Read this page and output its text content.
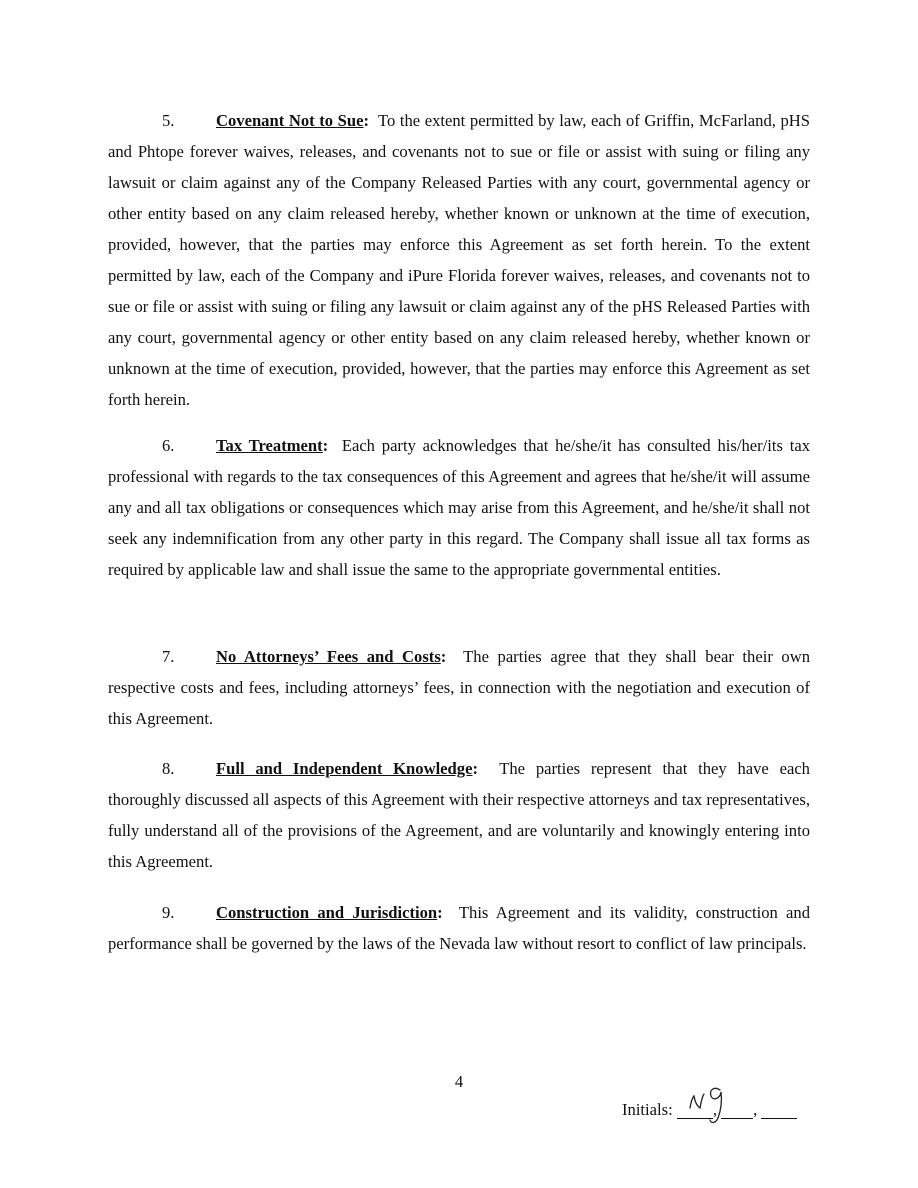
5.	Covenant Not to Sue: To the extent permitted by law, each of Griffin, McFarland, pHS and Phtope forever waives, releases, and covenants not to sue or file or assist with suing or filing any lawsuit or claim against any of the Company Released Parties with any court, governmental agency or other entity based on any claim released hereby, whether known or unknown at the time of execution, provided, however, that the parties may enforce this Agreement as set forth herein. To the extent permitted by law, each of the Company and iPure Florida forever waives, releases, and covenants not to sue or file or assist with suing or filing any lawsuit or claim against any of the pHS Released Parties with any court, governmental agency or other entity based on any claim released hereby, whether known or unknown at the time of execution, provided, however, that the parties may enforce this Agreement as set forth herein.

6.	Tax Treatment: Each party acknowledges that he/she/it has consulted his/her/its tax professional with regards to the tax consequences of this Agreement and agrees that he/she/it will assume any and all tax obligations or consequences which may arise from this Agreement, and he/she/it shall not seek any indemnification from any other party in this regard. The Company shall issue all tax forms as required by applicable law and shall issue the same to the appropriate governmental entities.

7.	No Attorneys’ Fees and Costs: The parties agree that they shall bear their own respective costs and fees, including attorneys’ fees, in connection with the negotiation and execution of this Agreement.

8.	Full and Independent Knowledge: The parties represent that they have each thoroughly discussed all aspects of this Agreement with their respective attorneys and tax representatives, fully understand all of the provisions of the Agreement, and are voluntarily and knowingly entering into this Agreement.

9.	Construction and Jurisdiction: This Agreement and its validity, construction and performance shall be governed by the laws of the Nevada law without resort to conflict of law principals.

4
Initials: , ,
